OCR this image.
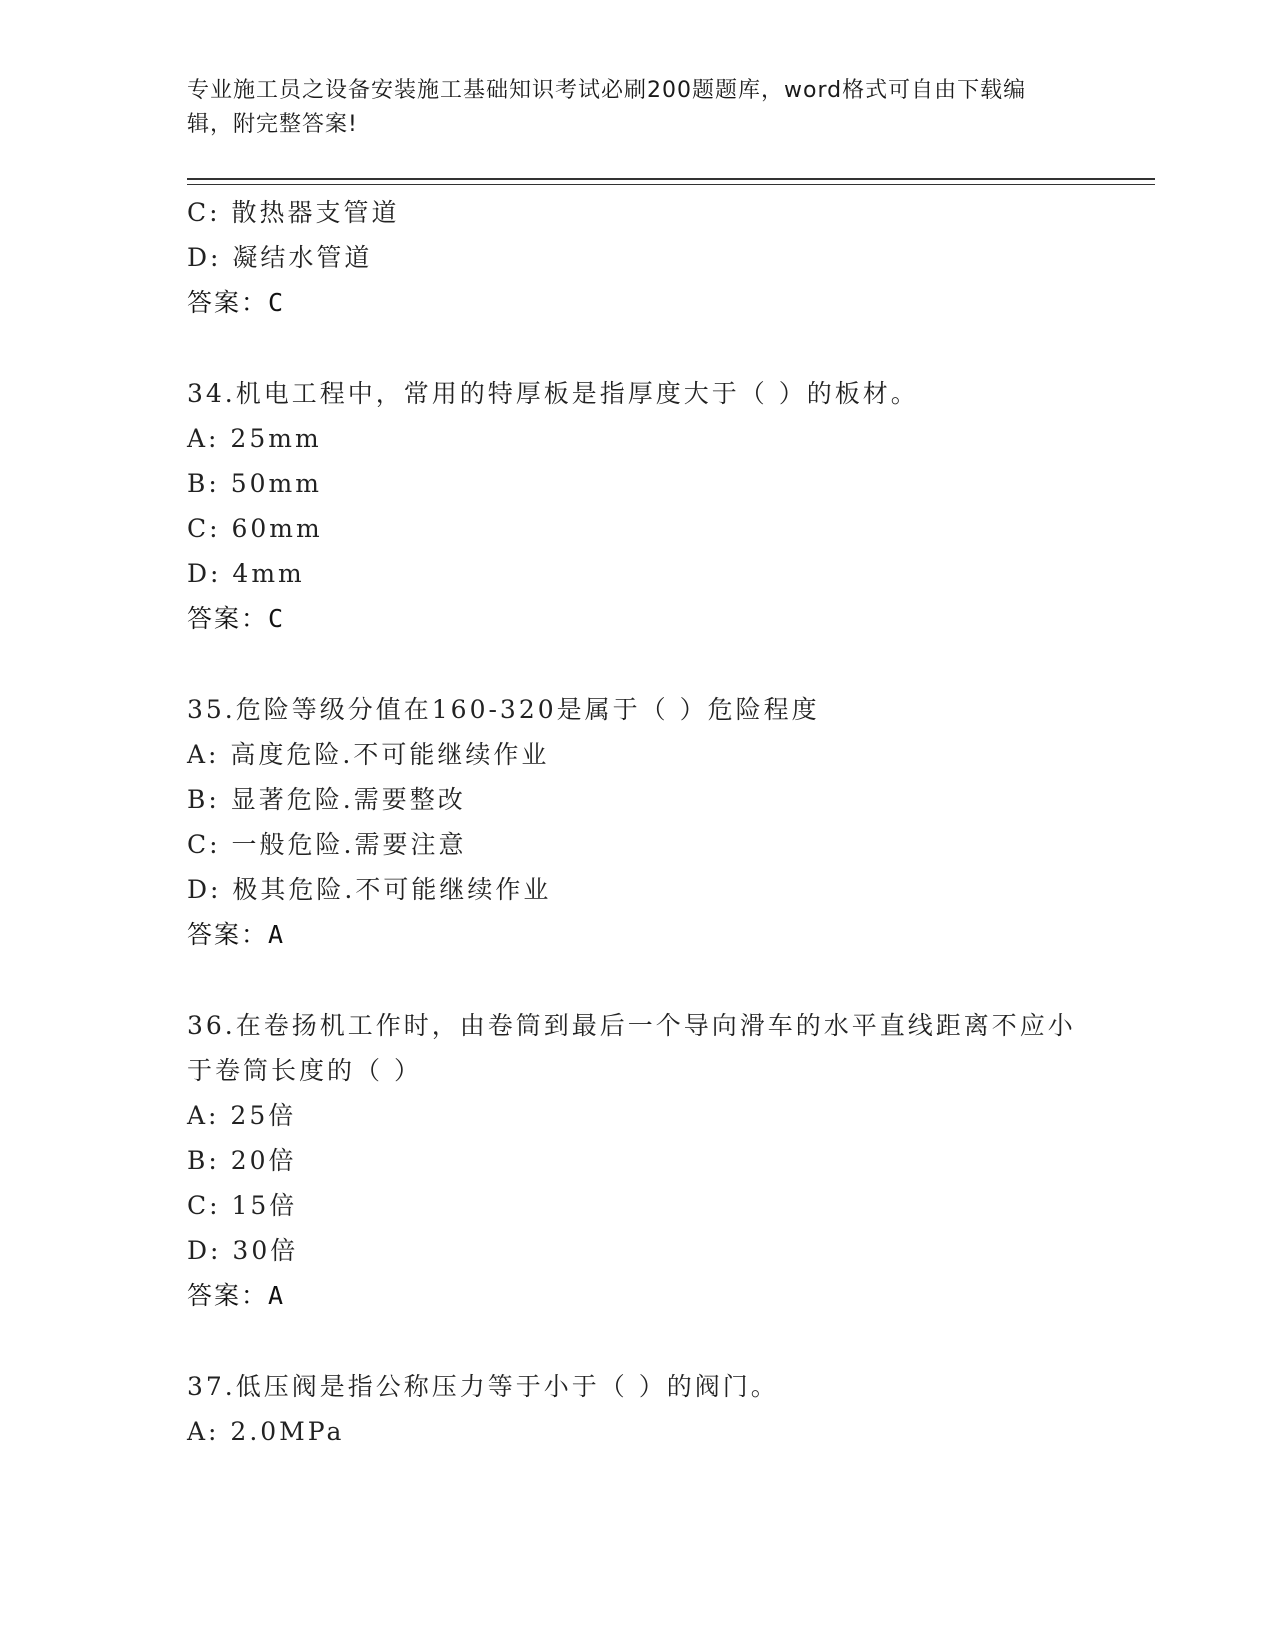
专业施工员之设备安装施工基础知识考试必刷200题题库，word格式可自由下载编辑，附完整答案!
C: 散热器支管道
D: 凝结水管道
答案：C
34.机电工程中，常用的特厚板是指厚度大于（ ）的板材。
A: 25mm
B: 50mm
C: 60mm
D: 4mm
答案：C
35.危险等级分值在160-320是属于（ ）危险程度
A: 高度危险.不可能继续作业
B: 显著危险.需要整改
C: 一般危险.需要注意
D: 极其危险.不可能继续作业
答案：A
36.在卷扬机工作时，由卷筒到最后一个导向滑车的水平直线距离不应小于卷筒长度的（ ）
A: 25倍
B: 20倍
C: 15倍
D: 30倍
答案：A
37.低压阀是指公称压力等于小于（ ）的阀门。
A: 2.0MPa
